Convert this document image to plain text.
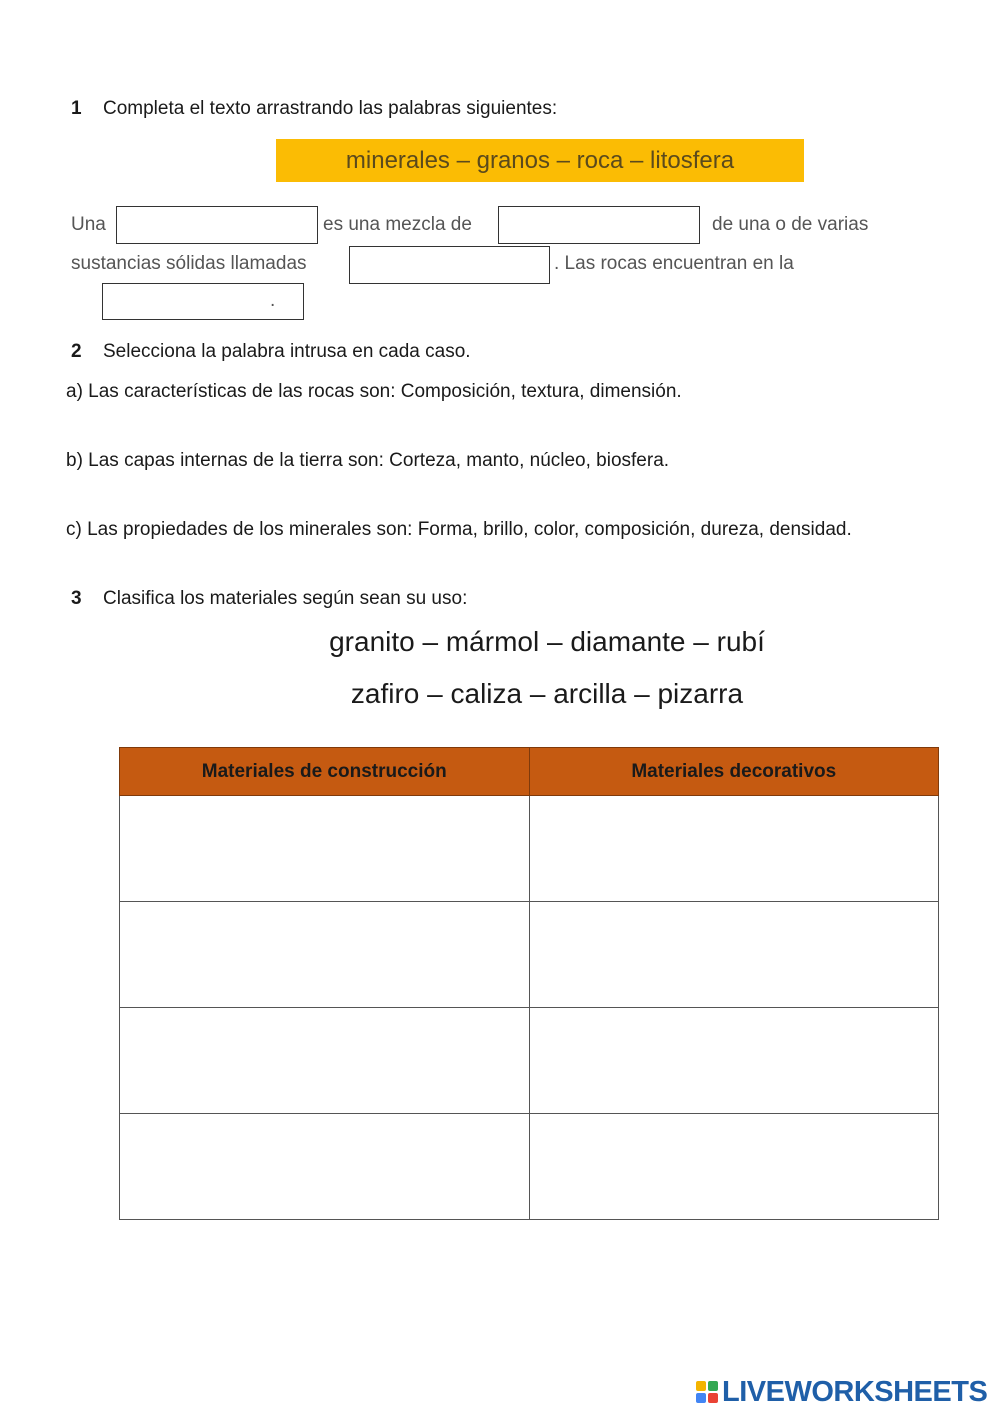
1 Completa el texto arrastrando las palabras siguientes:
minerales – granos – roca – litosfera
Una	es una mezcla de	de una o de varias
sustancias sólidas llamadas	. Las rocas encuentran en la
.
2 Selecciona la palabra intrusa en cada caso.
a) Las características de las rocas son: Composición, textura, dimensión.
b) Las capas internas de la tierra son: Corteza, manto, núcleo, biosfera.
c) Las propiedades de los minerales son: Forma, brillo, color, composición, dureza, densidad.
3 Clasifica los materiales según sean su uso:
granito – mármol – diamante – rubí
zafiro – caliza – arcilla – pizarra
Materiales de construcción	Materiales decorativos

LIVEWORKSHEETS
